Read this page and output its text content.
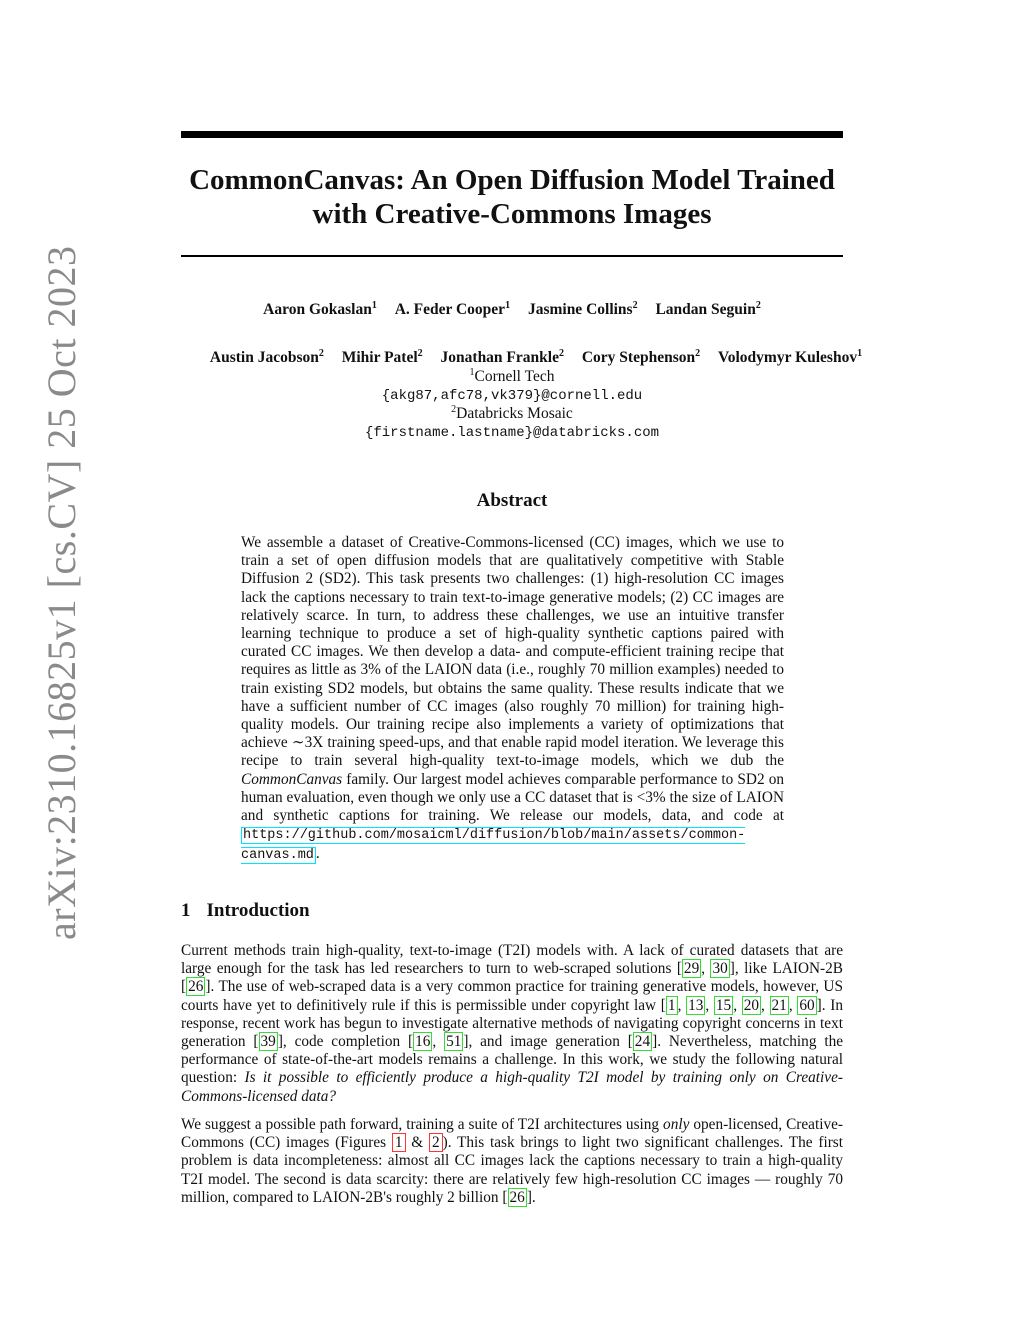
arXiv:2310.16825v1 [cs.CV] 25 Oct 2023
CommonCanvas: An Open Diffusion Model Trained
with Creative-Commons Images
Aaron Gokaslan$^1$ A. Feder Cooper$^1$ Jasmine Collins$^2$ Landan Seguin$^2$
Austin Jacobson$^2$ Mihir Patel$^2$ Jonathan Frankle$^2$ Cory Stephenson$^2$ Volodymyr Kuleshov$^1$
$^1$Cornell Tech
{akg87,afc78,vk379}@cornell.edu
$^2$Databricks Mosaic
{firstname.lastname}@databricks.com
Abstract
We assemble a dataset of Creative-Commons-licensed (CC) images, which we use to train a set of open diffusion models that are qualitatively competitive with Stable Diffusion 2 (SD2). This task presents two challenges: (1) high-resolution CC images lack the captions necessary to train text-to-image generative models; (2) CC images are relatively scarce. In turn, to address these challenges, we use an intuitive transfer learning technique to produce a set of high-quality synthetic captions paired with curated CC images. We then develop a data- and compute-efficient training recipe that requires as little as 3% of the LAION data (i.e., roughly 70 million examples) needed to train existing SD2 models, but obtains the same quality. These results indicate that we have a sufficient number of CC images (also roughly 70 million) for training high-quality models. Our training recipe also implements a variety of optimizations that achieve ∼3X training speed-ups, and that enable rapid model iteration. We leverage this recipe to train several high-quality text-to-image models, which we dub the CommonCanvas family. Our largest model achieves comparable performance to SD2 on human evaluation, even though we only use a CC dataset that is <3% the size of LAION and synthetic captions for training. We release our models, data, and code at https://github.com/mosaicml/diffusion/blob/main/assets/common-canvas.md .
1 Introduction
Current methods train high-quality, text-to-image (T2I) models with. A lack of curated datasets that are large enough for the task has led researchers to turn to web-scraped solutions [ 29 , 30 ], like LAION-2B [ 26 ]. The use of web-scraped data is a very common practice for training generative models, however, US courts have yet to definitively rule if this is permissible under copyright law [ 1 , 13 , 15 , 20 , 21 , 60 ]. In response, recent work has begun to investigate alternative methods of navigating copyright concerns in text generation [ 39 ], code completion [ 16 , 51 ], and image generation [ 24 ]. Nevertheless, matching the performance of state-of-the-art models remains a challenge. In this work, we study the following natural question: Is it possible to efficiently produce a high-quality T2I model by training only on Creative-Commons-licensed data?
We suggest a possible path forward, training a suite of T2I architectures using only open-licensed, Creative-Commons (CC) images (Figures 1 & 2 ). This task brings to light two significant challenges. The first problem is data incompleteness: almost all CC images lack the captions necessary to train a high-quality T2I model. The second is data scarcity: there are relatively few high-resolution CC images — roughly 70 million, compared to LAION-2B's roughly 2 billion [ 26 ].
